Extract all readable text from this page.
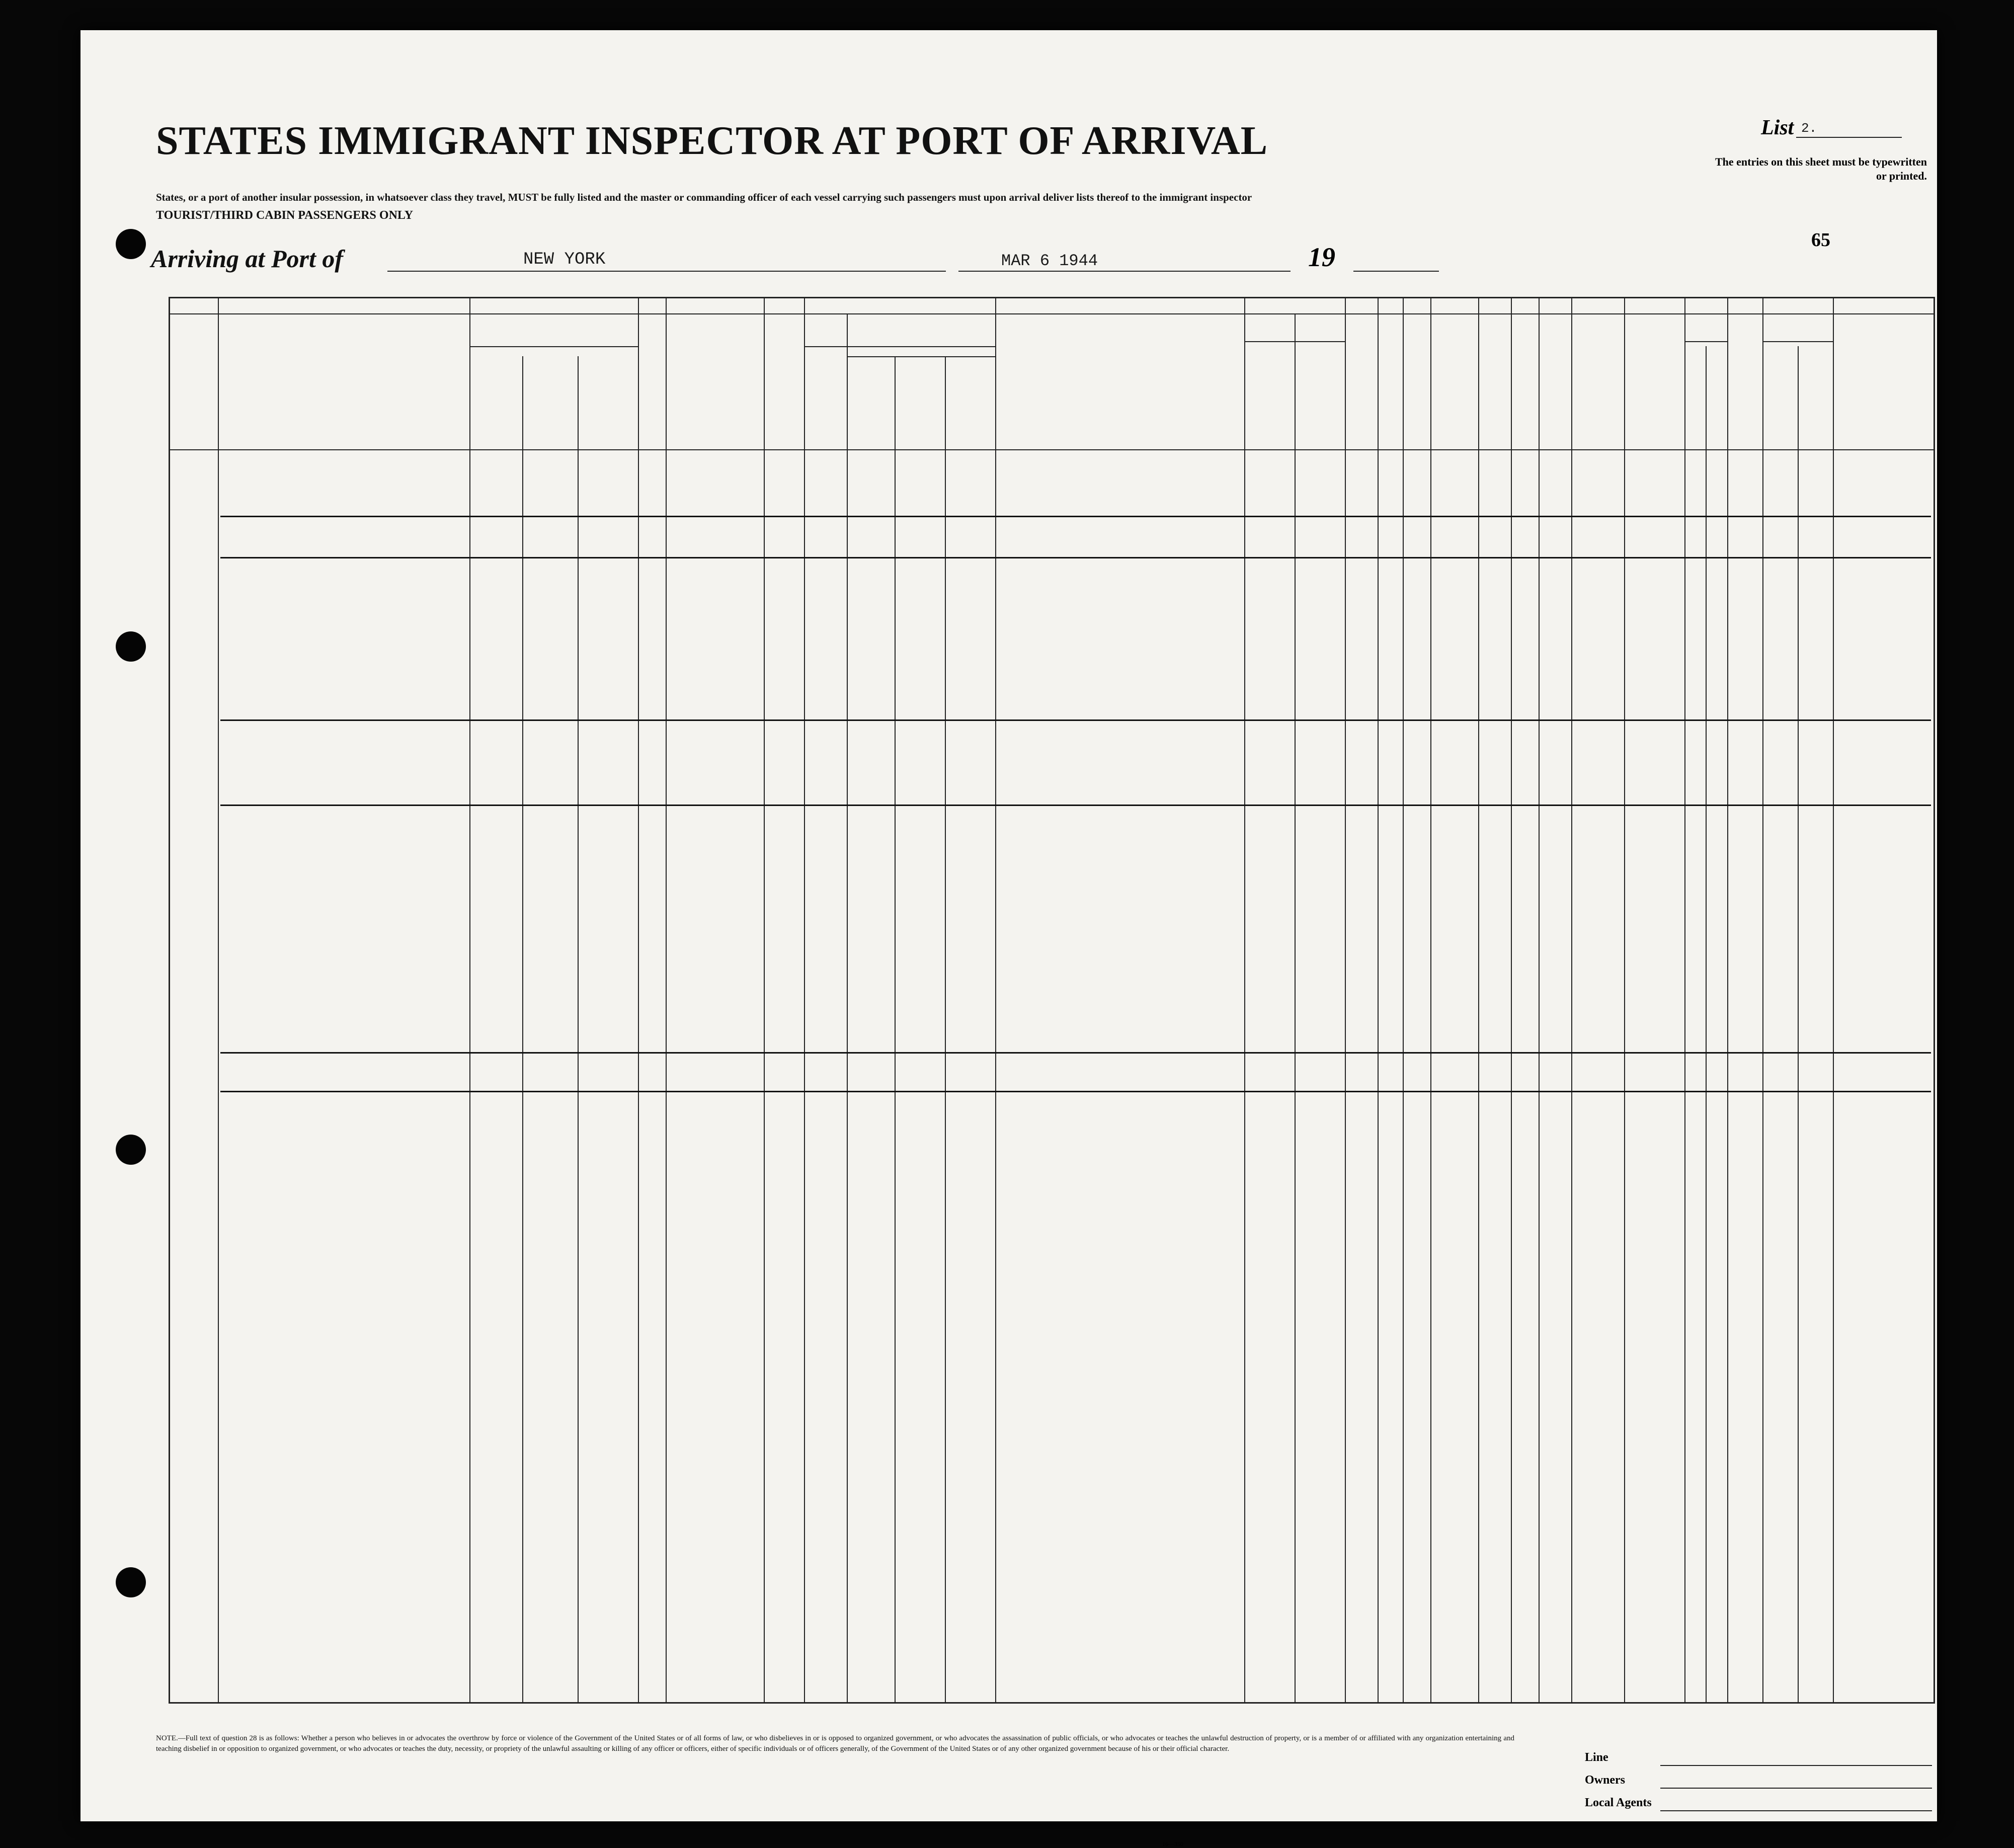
STATES IMMIGRANT INSPECTOR AT PORT OF ARRIVAL
States, or a port of another insular possession, in whatsoever class they travel, MUST be fully listed and the master or commanding officer of each vessel carrying such passengers must upon arrival deliver lists thereof to the immigrant inspector
TOURIST/THIRD CABIN PASSENGERS ONLY
List 2.
The entries on this sheet must be typewritten or printed.
65
Arriving at Port of	NEW YORK	MAR 6 1944	19
NOTE.—Full text of question 28 is as follows: Whether a person who believes in or advocates the overthrow by force or violence of the Government of the United States or of all forms of law, or who disbelieves in or is opposed to organized government, or who advocates the assassination of public officials, or who advocates or teaches the unlawful destruction of property, or is a member of or affiliated with any organization entertaining and teaching disbelief in or opposition to organized government, or who advocates or teaches the duty, necessity, or propriety of the unlawful assaulting or killing of any officer or officers, either of specific individuals or of officers generally, of the Government of the United States or of any other organized government because of his or their official character.
Line
Owners
Local Agents
16—350
